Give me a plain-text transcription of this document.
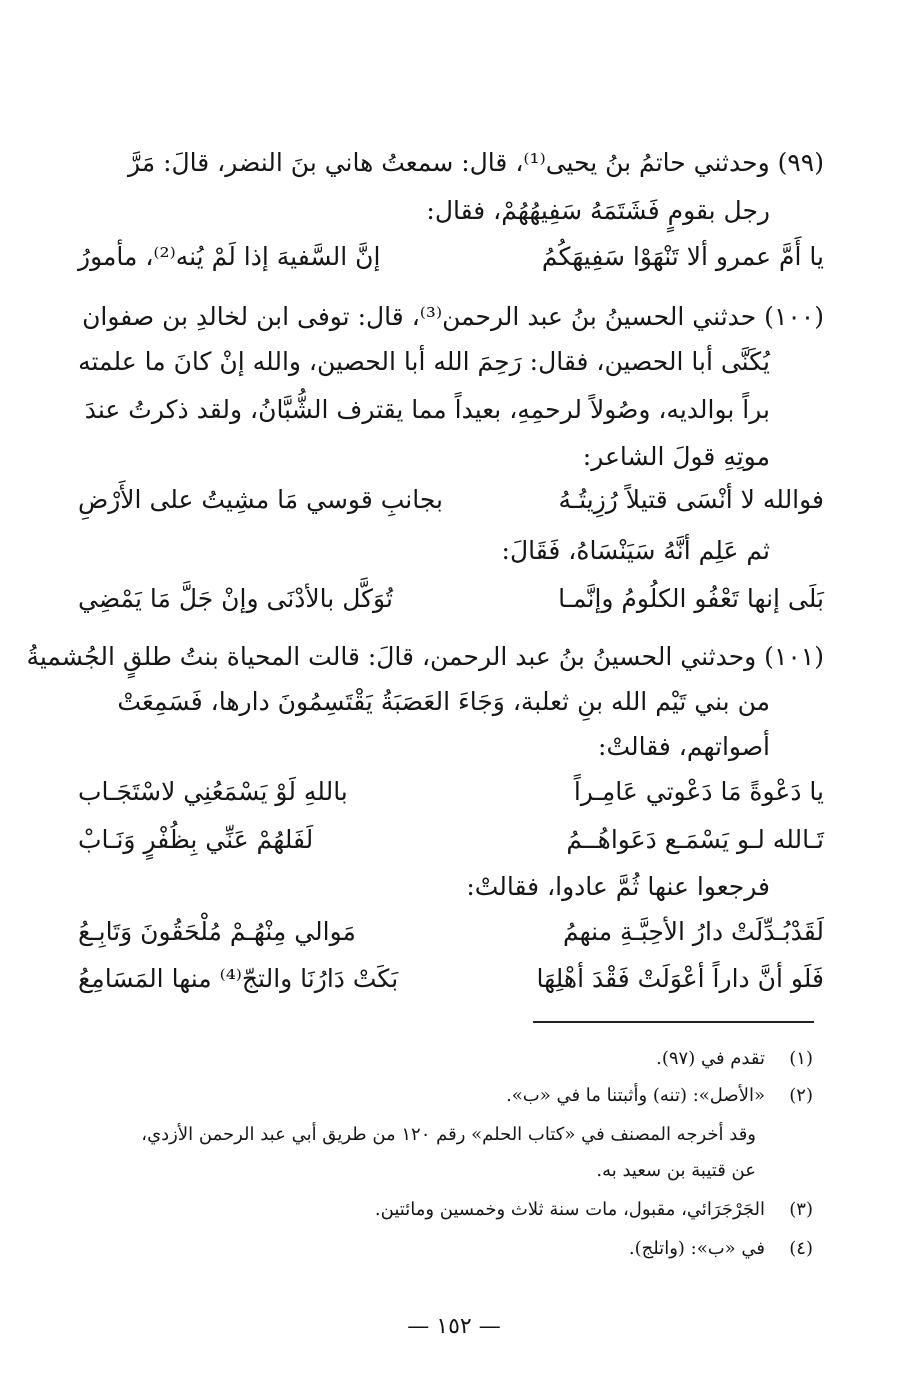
(٩٩) وحدثني حاتمُ بنُ يحيى⁽¹⁾، قال: سمعتُ هاني بنَ النضر، قالَ: مَرَّ
رجل بقومٍ فَشَتَمَهُ سَفِيهُهُمْ، فقال:
يا أَمَّ عمرو ألا تَنْهَوْا سَفِيهَكُمُ
إنَّ السَّفيهَ إذا لَمْ يُنه⁽²⁾، مأمورُ
(١٠٠) حدثني الحسينُ بنُ عبد الرحمن⁽³⁾، قال: توفى ابن لخالدِ بن صفوان
يُكَنَّى أبا الحصين، فقال: رَحِمَ الله أبا الحصين، والله إنْ كانَ ما علمته
براً بوالديه، وصُولاً لرحمِهِ، بعيداً مما يقترف الشُّبَّانُ، ولقد ذكرتُ عندَ
موتِهِ قولَ الشاعر:
فوالله لا أنْسَى قتيلاً رُزِيتُـهُ
بجانبِ قوسي مَا مشِيتُ على الأَرْضِ
ثم عَلِم أنَّهُ سَيَنْسَاهُ، فَقَالَ:
بَلَى إنها تَعْفُو الكلُومُ وإنَّمـا
تُوَكَّل بالأدْنَى وإنْ جَلَّ مَا يَمْضِي
(١٠١) وحدثني الحسينُ بنُ عبد الرحمن، قالَ: قالت المحياة بنتُ طلقٍ الجُشميةُ
من بني تَيْم الله بنِ ثعلبة، وَجَاءَ العَصَبَةُ يَقْتَسِمُونَ دارها، فَسَمِعَتْ
أصواتهم، فقالتْ:
يا دَعْوةً مَا دَعْوتي عَامِـراً
باللهِ لَوْ يَسْمَعُنِي لاسْتَجَـاب
تَـالله لـو يَسْمَـع دَعَواهُــمُ
لَفَلهُمْ عَنِّي بِظُفْرٍ وَنَـابْ
فرجعوا عنها ثُمَّ عادوا، فقالتْ:
لَقَدْبُـدِّلَتْ دارُ الأحِبَّـةِ منهمُ
مَوالي مِنْهُـمْ مُلْحَقُونَ وَتَابِـعُ
فَلَو أنَّ داراً أعْوَلَتْ فَقْدَ أهْلِهَا
بَكَتْ دَارُنَا والتجّ⁽⁴⁾ منها المَسَامِعُ
(١)تقدم في (٩٧).
(٢)«الأصل»: (تنه) وأثبتنا ما في «ب».
وقد أخرجه المصنف في «كتاب الحلم» رقم ١٢٠ من طريق أبي عبد الرحمن الأزدي،
عن قتيبة بن سعيد به.
(٣)الجَرْجَرَائي، مقبول، مات سنة ثلاث وخمسين ومائتين.
(٤)في «ب»: (واتلج).
— ١٥٢ —
